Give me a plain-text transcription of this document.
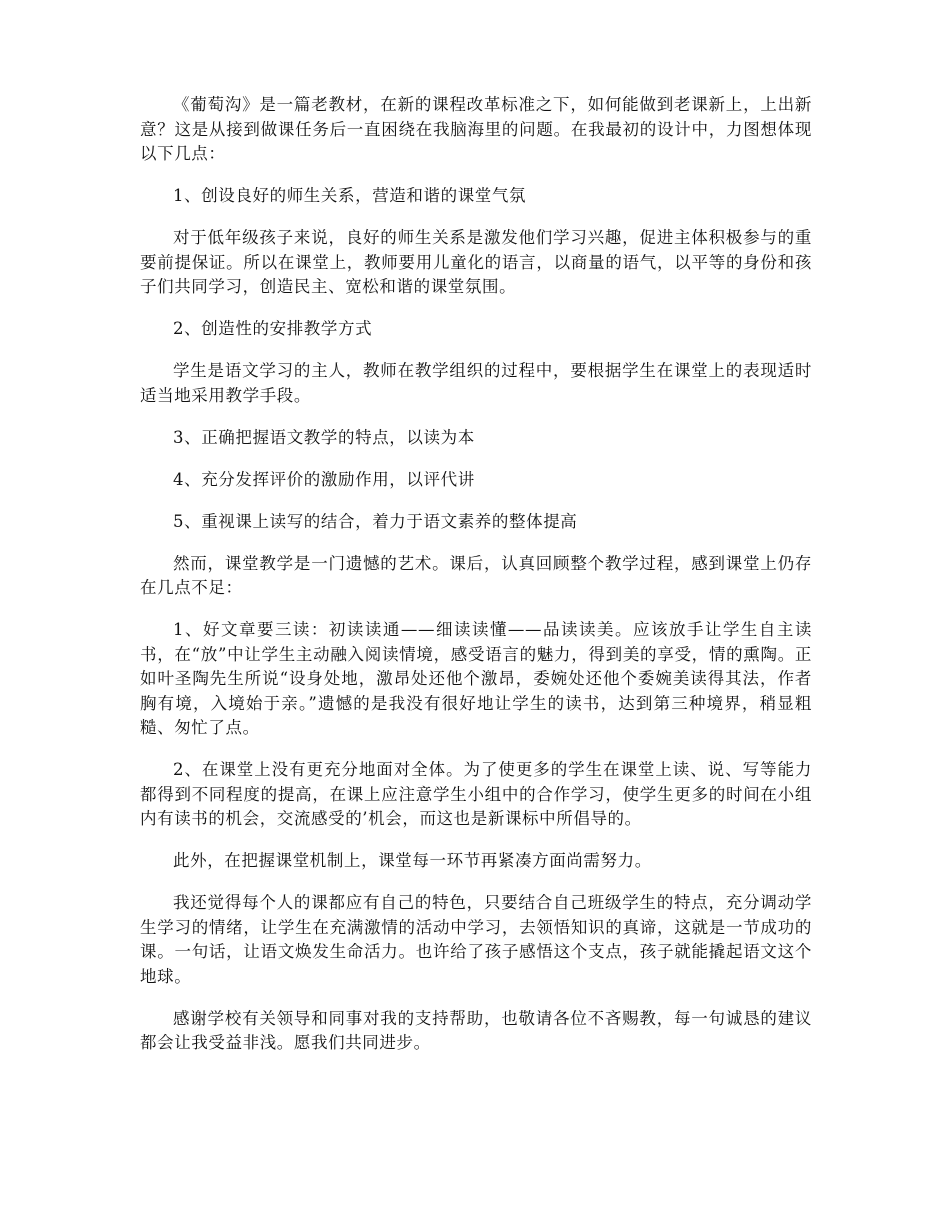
《葡萄沟》是一篇老教材，在新的课程改革标准之下，如何能做到老课新上，上出新意？这是从接到做课任务后一直困绕在我脑海里的问题。在我最初的设计中，力图想体现以下几点：

1、创设良好的师生关系，营造和谐的课堂气氛

对于低年级孩子来说，良好的师生关系是激发他们学习兴趣，促进主体积极参与的重要前提保证。所以在课堂上，教师要用儿童化的语言，以商量的语气，以平等的身份和孩子们共同学习，创造民主、宽松和谐的课堂氛围。

2、创造性的安排教学方式

学生是语文学习的主人，教师在教学组织的过程中，要根据学生在课堂上的表现适时适当地采用教学手段。

3、正确把握语文教学的特点，以读为本

4、充分发挥评价的激励作用，以评代讲

5、重视课上读写的结合，着力于语文素养的整体提高

然而，课堂教学是一门遗憾的艺术。课后，认真回顾整个教学过程，感到课堂上仍存在几点不足：

1、好文章要三读：初读读通——细读读懂——品读读美。应该放手让学生自主读书，在“放”中让学生主动融入阅读情境，感受语言的魅力，得到美的享受，情的熏陶。正如叶圣陶先生所说“设身处地，激昂处还他个激昂，委婉处还他个委婉美读得其法，作者胸有境，入境始于亲。”遗憾的是我没有很好地让学生的读书，达到第三种境界，稍显粗糙、匆忙了点。

2、在课堂上没有更充分地面对全体。为了使更多的学生在课堂上读、说、写等能力都得到不同程度的提高，在课上应注意学生小组中的合作学习，使学生更多的时间在小组内有读书的机会，交流感受的’机会，而这也是新课标中所倡导的。

此外，在把握课堂机制上，课堂每一环节再紧凑方面尚需努力。

我还觉得每个人的课都应有自己的特色，只要结合自己班级学生的特点，充分调动学生学习的情绪，让学生在充满激情的活动中学习，去领悟知识的真谛，这就是一节成功的课。一句话，让语文焕发生命活力。也许给了孩子感悟这个支点，孩子就能撬起语文这个地球。

感谢学校有关领导和同事对我的支持帮助，也敬请各位不吝赐教，每一句诚恳的建议都会让我受益非浅。愿我们共同进步。
